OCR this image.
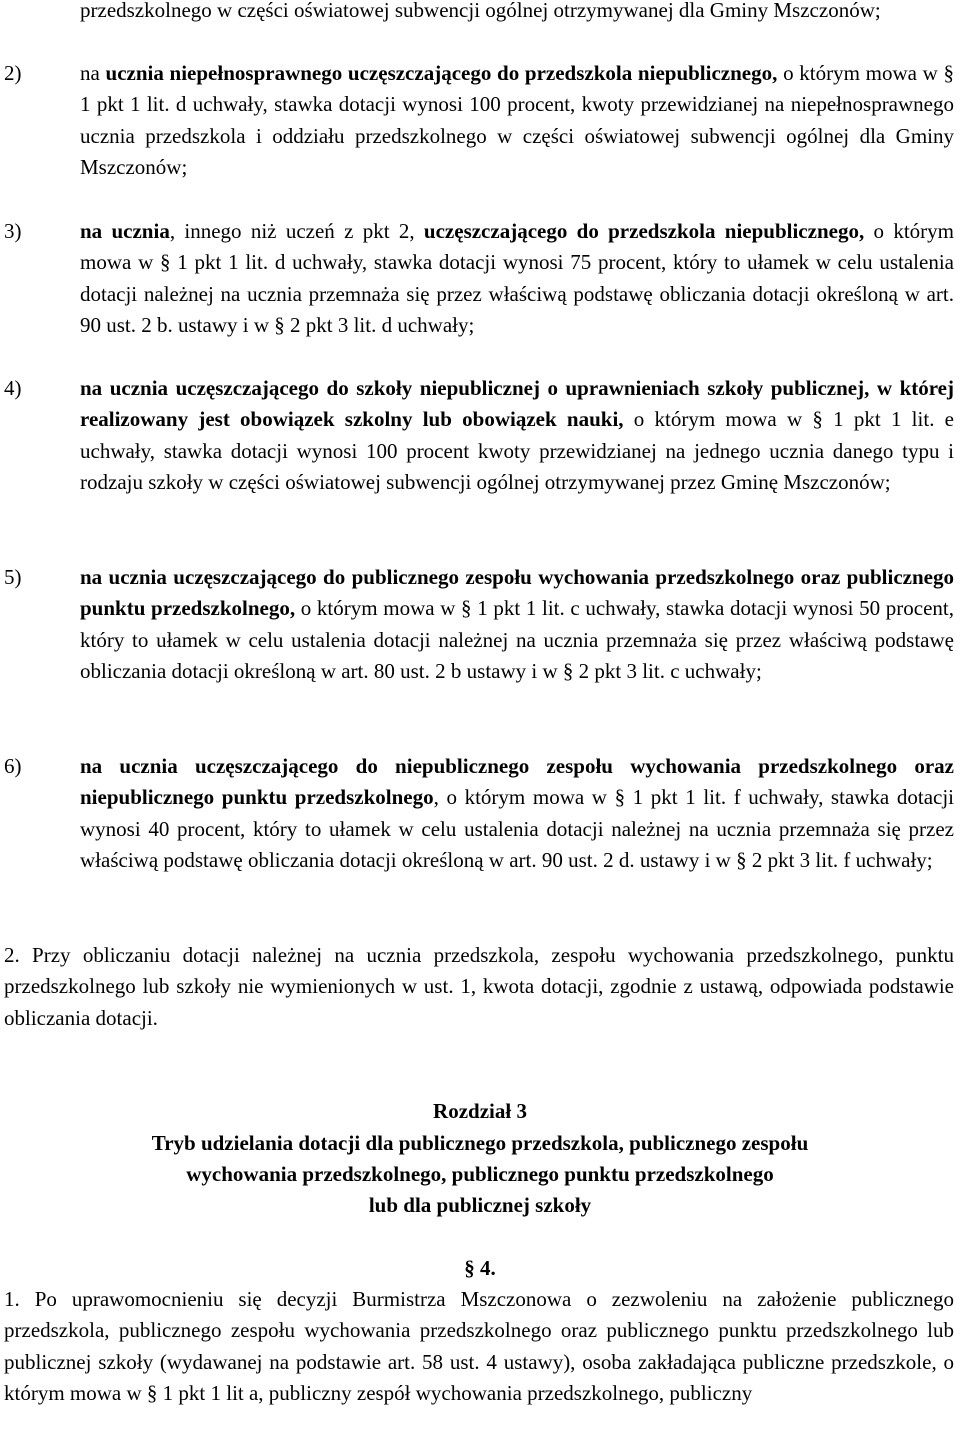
przedszkolnego w części oświatowej subwencji ogólnej otrzymywanej dla Gminy Mszczonów;

2)	na ucznia niepełnosprawnego uczęszczającego do przedszkola niepublicznego, o którym mowa w § 1 pkt 1 lit. d uchwały, stawka dotacji wynosi 100 procent, kwoty przewidzianej na niepełnosprawnego ucznia przedszkola i oddziału przedszkolnego w części oświatowej subwencji ogólnej dla Gminy Mszczonów;

3)	na ucznia, innego niż uczeń z pkt 2, uczęszczającego do przedszkola niepublicznego, o którym mowa w § 1 pkt 1 lit. d uchwały, stawka dotacji wynosi 75 procent, który to ułamek w celu ustalenia dotacji należnej na ucznia przemnaża się przez właściwą podstawę obliczania dotacji określoną w art. 90 ust. 2 b. ustawy i w § 2 pkt 3 lit. d uchwały;

4)	na ucznia uczęszczającego do szkoły niepublicznej o uprawnieniach szkoły publicznej, w której realizowany jest obowiązek szkolny lub obowiązek nauki, o którym mowa w § 1 pkt 1 lit. e uchwały, stawka dotacji wynosi 100 procent kwoty przewidzianej na jednego ucznia danego typu i rodzaju szkoły w części oświatowej subwencji ogólnej otrzymywanej przez Gminę Mszczonów;

5)	na ucznia uczęszczającego do publicznego zespołu wychowania przedszkolnego oraz publicznego punktu przedszkolnego, o którym mowa w § 1 pkt 1 lit. c uchwały, stawka dotacji wynosi 50 procent, który to ułamek w celu ustalenia dotacji należnej na ucznia przemnaża się przez właściwą podstawę obliczania dotacji określoną w art. 80 ust. 2 b ustawy i w § 2 pkt 3 lit. c uchwały;

6)	na ucznia uczęszczającego do niepublicznego zespołu wychowania przedszkolnego oraz niepublicznego punktu przedszkolnego, o którym mowa w § 1 pkt 1 lit. f uchwały, stawka dotacji wynosi 40 procent, który to ułamek w celu ustalenia dotacji należnej na ucznia przemnaża się przez właściwą podstawę obliczania dotacji określoną w art. 90 ust. 2 d. ustawy i w § 2 pkt 3 lit. f uchwały;

2. Przy obliczaniu dotacji należnej na ucznia przedszkola, zespołu wychowania przedszkolnego, punktu przedszkolnego lub szkoły nie wymienionych w ust. 1, kwota dotacji, zgodnie z ustawą, odpowiada podstawie obliczania dotacji.

Rozdział 3

Tryb udzielania dotacji dla publicznego przedszkola, publicznego zespołu

wychowania przedszkolnego, publicznego punktu przedszkolnego

lub dla publicznej szkoły

§ 4.

1. Po uprawomocnieniu się decyzji Burmistrza Mszczonowa o zezwoleniu na założenie publicznego przedszkola, publicznego zespołu wychowania przedszkolnego oraz publicznego punktu przedszkolnego lub publicznej szkoły (wydawanej na podstawie art. 58 ust. 4 ustawy), osoba zakładająca publiczne przedszkole, o którym mowa w § 1 pkt 1 lit a, publiczny zespół wychowania przedszkolnego, publiczny
